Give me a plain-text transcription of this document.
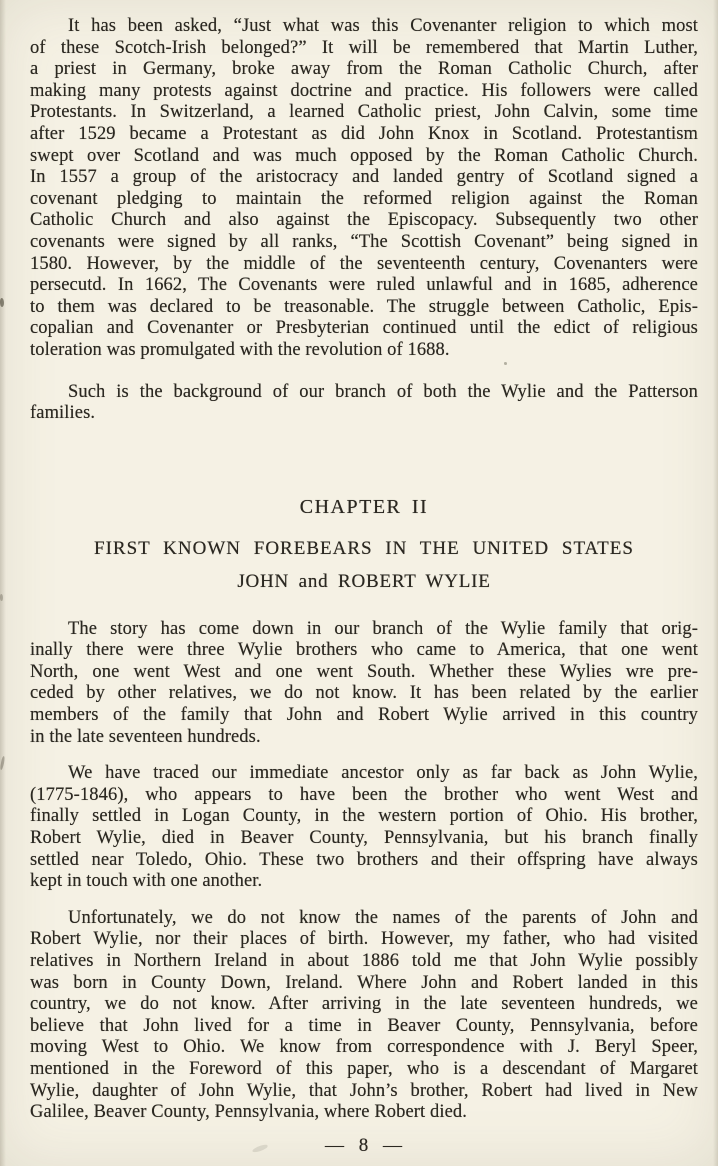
It has been asked, “Just what was this Covenanter religion to which most
of these Scotch-Irish belonged?” It will be remembered that Martin Luther,
a priest in Germany, broke away from the Roman Catholic Church, after
making many protests against doctrine and practice. His followers were called
Protestants. In Switzerland, a learned Catholic priest, John Calvin, some time
after 1529 became a Protestant as did John Knox in Scotland. Protestantism
swept over Scotland and was much opposed by the Roman Catholic Church.
In 1557 a group of the aristocracy and landed gentry of Scotland signed a
covenant pledging to maintain the reformed religion against the Roman
Catholic Church and also against the Episcopacy. Subsequently two other
covenants were signed by all ranks, “The Scottish Covenant” being signed in
1580. However, by the middle of the seventeenth century, Covenanters were
persecutd. In 1662, The Covenants were ruled unlawful and in 1685, adherence
to them was declared to be treasonable. The struggle between Catholic, Epis-
copalian and Covenanter or Presbyterian continued until the edict of religious
toleration was promulgated with the revolution of 1688.
Such is the background of our branch of both the Wylie and the Patterson
families.
CHAPTER II
FIRST KNOWN FOREBEARS IN THE UNITED STATES
JOHN and ROBERT WYLIE
The story has come down in our branch of the Wylie family that orig-
inally there were three Wylie brothers who came to America, that one went
North, one went West and one went South. Whether these Wylies wre pre-
ceded by other relatives, we do not know. It has been related by the earlier
members of the family that John and Robert Wylie arrived in this country
in the late seventeen hundreds.
We have traced our immediate ancestor only as far back as John Wylie,
(1775-1846), who appears to have been the brother who went West and
finally settled in Logan County, in the western portion of Ohio. His brother,
Robert Wylie, died in Beaver County, Pennsylvania, but his branch finally
settled near Toledo, Ohio. These two brothers and their offspring have always
kept in touch with one another.
Unfortunately, we do not know the names of the parents of John and
Robert Wylie, nor their places of birth. However, my father, who had visited
relatives in Northern Ireland in about 1886 told me that John Wylie possibly
was born in County Down, Ireland. Where John and Robert landed in this
country, we do not know. After arriving in the late seventeen hundreds, we
believe that John lived for a time in Beaver County, Pennsylvania, before
moving West to Ohio. We know from correspondence with J. Beryl Speer,
mentioned in the Foreword of this paper, who is a descendant of Margaret
Wylie, daughter of John Wylie, that John’s brother, Robert had lived in New
Galilee, Beaver County, Pennsylvania, where Robert died.
— 8 —
